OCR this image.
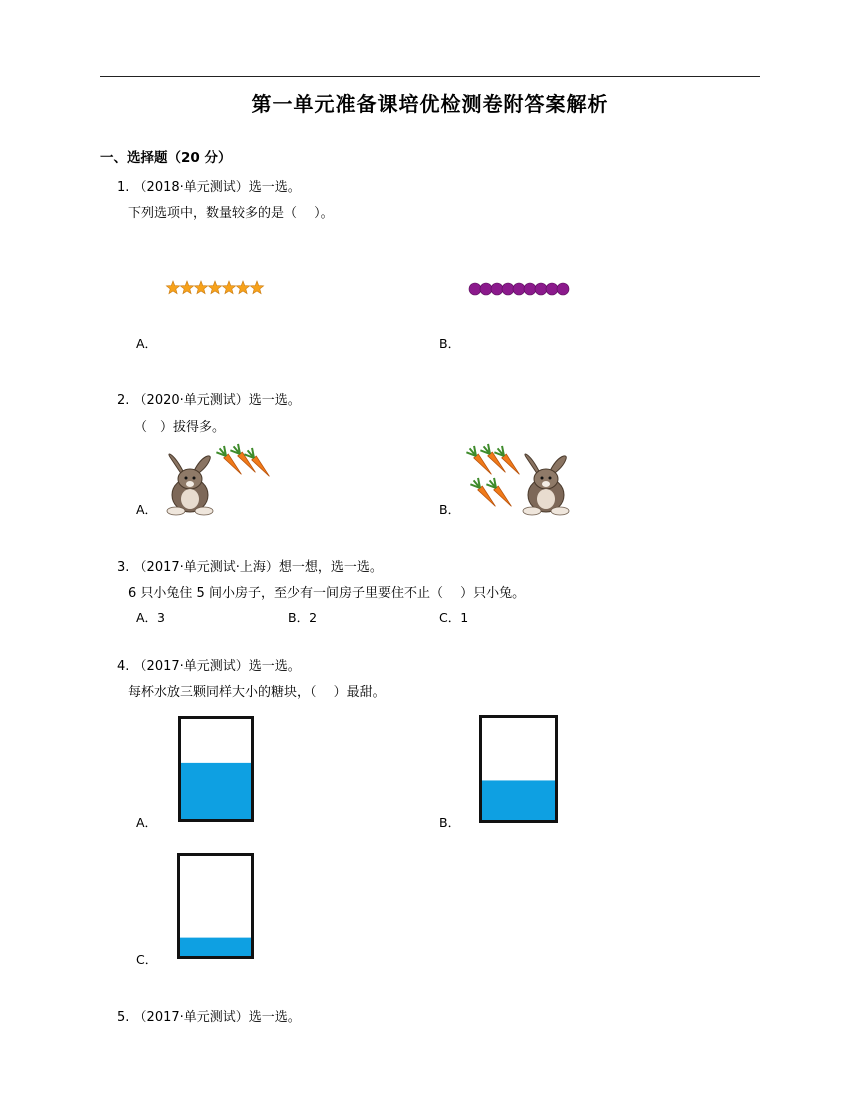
第一单元准备课培优检测卷附答案解析
一、选择题（20 分）
1. （2018·单元测试）选一选。
下列选项中，数量较多的是（　 ）。
A．	B．
2. （2020·单元测试）选一选。
（　）拔得多。
A．	B．
3. （2017·单元测试·上海）想一想，选一选。
6 只小兔住 5 间小房子，至少有一间房子里要住不止（　 ）只小兔。
A．3	B．2	C．1
4. （2017·单元测试）选一选。
每杯水放三颗同样大小的糖块，（　 ）最甜。
A．	B．
C．
5. （2017·单元测试）选一选。
